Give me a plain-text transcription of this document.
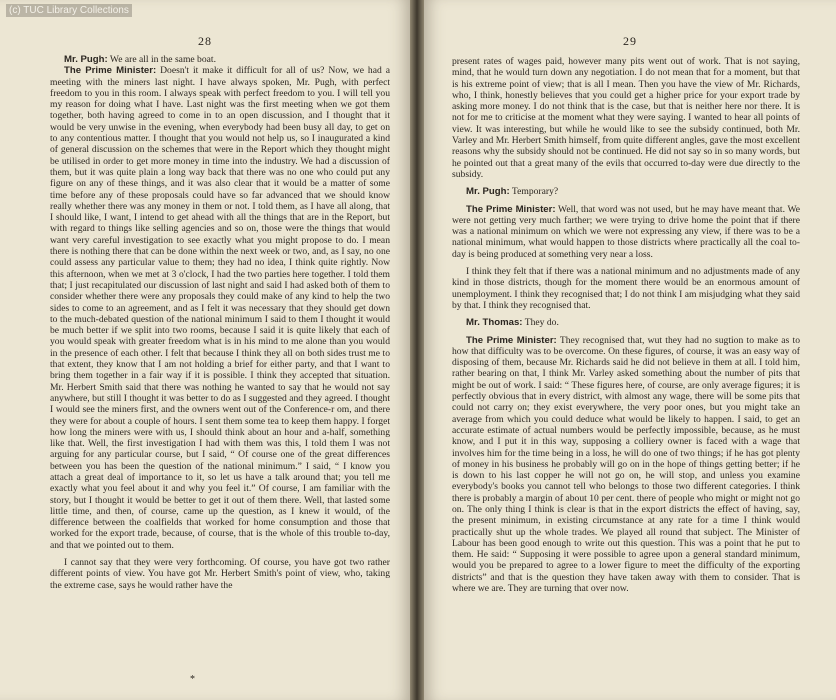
(c) TUC Library Collections
28

Mr. Pugh: We are all in the same boat.

The Prime Minister: Doesn't it make it difficult for all of us? Now, we had a meeting with the miners last night. I have always spoken, Mr. Pugh, with perfect freedom to you in this room. I always speak with perfect freedom to you. I will tell you my reason for doing what I have. Last night was the first meeting when we got them together, both having agreed to come in to an open discussion, and I thought that it would be very unwise in the evening, when everybody had been busy all day, to get on to any contentious matter. I thought that you would not help us, so I inaugurated a kind of general discussion on the schemes that were in the Report which they thought might be utilised in order to get more money in time into the industry. We had a discussion of them, but it was quite plain a long way back that there was no one who could put any figure on any of these things, and it was also clear that it would be a matter of some time before any of these proposals could have so far advanced that we should know really whether there was any money in them or not. I told them, as I have all along, that I should like, I want, I intend to get ahead with all the things that are in the Report, but with regard to things like selling agencies and so on, those were the things that would want very careful investigation to see exactly what you might propose to do. I mean there is nothing there that can be done within the next week or two, and, as I say, no one could assess any particular value to them; they had no idea, I think quite rightly. Now this afternoon, when we met at 3 o'clock, I had the two parties here together. I told them that; I just recapitulated our discussion of last night and said I had asked both of them to consider whether there were any proposals they could make of any kind to help the two sides to come to an agreement, and as I felt it was necessary that they should get down to the much-debated question of the national minimum I said to them I thought it would be much better if we split into two rooms, because I said it is quite likely that each of you would speak with greater freedom what is in his mind to me alone than you would in the presence of each other. I felt that because I think they all on both sides trust me to that extent, they know that I am not holding a brief for either party, and that I want to bring them together in a fair way if it is possible. I think they accepted that situation. Mr. Herbert Smith said that there was nothing he wanted to say that he would not say anywhere, but still I thought it was better to do as I suggested and they agreed. I thought I would see the miners first, and the owners went out of the Conference-r om, and there they were for about a couple of hours. I sent them some tea to keep them happy. I forget how long the miners were with us, I should think about an hour and a-half, something like that. Well, the first investigation I had with them was this, I told them I was not arguing for any particular course, but I said, “ Of course one of the great differences between you has been the question of the national minimum.” I said, “ I know you attach a great deal of importance to it, so let us have a talk around that; you tell me exactly what you feel about it and why you feel it.” Of course, I am familiar with the story, but I thought it would be better to get it out of them there. Well, that lasted some little time, and then, of course, came up the question, as I knew it would, of the difference between the coalfields that worked for home consumption and those that worked for the export trade, because, of course, that is the whole of this trouble to-day, and that we pointed out to them.

I cannot say that they were very forthcoming. Of course, you have got two rather different points of view. You have got Mr. Herbert Smith's point of view, who, taking the extreme case, says he would rather have the

*
29

present rates of wages paid, however many pits went out of work. That is not saying, mind, that he would turn down any negotiation. I do not mean that for a moment, but that is his extreme point of view; that is all I mean. Then you have the view of Mr. Richards, who, I think, honestly believes that you could get a higher price for your export trade by asking more money. I do not think that is the case, but that is neither here nor there. It is not for me to criticise at the moment what they were saying. I wanted to hear all points of view. It was interesting, but while he would like to see the subsidy continued, both Mr. Varley and Mr. Herbert Smith himself, from quite different angles, gave the most excellent reasons why the subsidy should not be continued. He did not say so in so many words, but he pointed out that a great many of the evils that occurred to-day were due directly to the subsidy.

Mr. Pugh: Temporary?

The Prime Minister: Well, that word was not used, but he may have meant that. We were not getting very much farther; we were trying to drive home the point that if there was a national minimum on which we were not expressing any view, if there was to be a national minimum, what would happen to those districts where practically all the coal to-day is being produced at something very near a loss.

I think they felt that if there was a national minimum and no adjustments made of any kind in those districts, though for the moment there would be an enormous amount of unemployment. I think they recognised that; I do not think I am misjudging what they said by that. I think they recognised that.

Mr. Thomas: They do.

The Prime Minister: They recognised that, wut they had no sugtion to make as to how that difficulty was to be overcome. On these figures, of course, it was an easy way of disposing of them, because Mr. Richards said he did not believe in them at all. I told him, rather bearing on that, I think Mr. Varley asked something about the number of pits that might be out of work. I said: “ These figures here, of course, are only average figures; it is perfectly obvious that in every district, with almost any wage, there will be some pits that could not carry on; they exist everywhere, the very poor ones, but you might take an average from which you could deduce what would be likely to happen. I said, to get an accurate estimate of actual numbers would be perfectly impossible, because, as he must know, and I put it in this way, supposing a colliery owner is faced with a wage that involves him for the time being in a loss, he will do one of two things; if he has got plenty of money in his business he probably will go on in the hope of things getting better; if he is down to his last copper he will not go on, he will stop, and unless you examine everybody's books you cannot tell who belongs to those two different categories. I think there is probably a margin of about 10 per cent. there of people who might or might not go on. The only thing I think is clear is that in the export districts the effect of having, say, the present minimum, in existing circumstance at any rate for a time I think would practically shut up the whole trades. We played all round that subject. The Minister of Labour has been good enough to write out this question. This was a point that he put to them. He said: “ Supposing it were possible to agree upon a general standard minimum, would you be prepared to agree to a lower figure to meet the difficulty of the exporting districts” and that is the question they have taken away with them to consider. That is where we are. They are turning that over now.
